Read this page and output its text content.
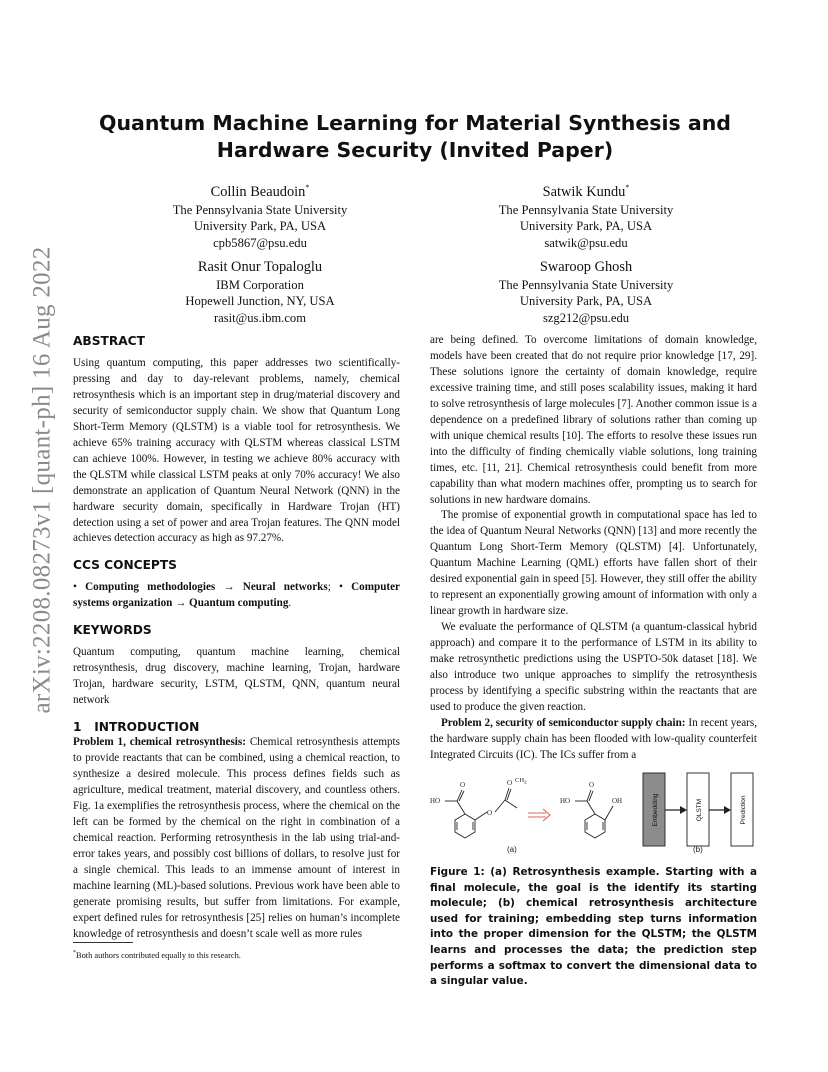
arXiv:2208.08273v1 [quant-ph] 16 Aug 2022
Quantum Machine Learning for Material Synthesis and
Hardware Security (Invited Paper)
Collin Beaudoin*
The Pennsylvania State University
University Park, PA, USA
cpb5867@psu.edu
Satwik Kundu*
The Pennsylvania State University
University Park, PA, USA
satwik@psu.edu
Rasit Onur Topaloglu
IBM Corporation
Hopewell Junction, NY, USA
rasit@us.ibm.com
Swaroop Ghosh
The Pennsylvania State University
University Park, PA, USA
szg212@psu.edu
ABSTRACT

Using quantum computing, this paper addresses two scientifically-pressing and day to day-relevant problems, namely, chemical retrosynthesis which is an important step in drug/material discovery and security of semiconductor supply chain. We show that Quantum Long Short-Term Memory (QLSTM) is a viable tool for retrosynthesis. We achieve 65% training accuracy with QLSTM whereas classical LSTM can achieve 100%. However, in testing we achieve 80% accuracy with the QLSTM while classical LSTM peaks at only 70% accuracy! We also demonstrate an application of Quantum Neural Network (QNN) in the hardware security domain, specifically in Hardware Trojan (HT) detection using a set of power and area Trojan features. The QNN model achieves detection accuracy as high as 97.27%.

CCS CONCEPTS

• Computing methodologies → Neural networks; • Computer systems organization → Quantum computing.

KEYWORDS

Quantum computing, quantum machine learning, chemical retrosynthesis, drug discovery, machine learning, Trojan, hardware Trojan, hardware security, LSTM, QLSTM, QNN, quantum neural network

1   INTRODUCTION

Problem 1, chemical retrosynthesis: Chemical retrosynthesis attempts to provide reactants that can be combined, using a chemical reaction, to synthesize a desired molecule. This process defines fields such as agriculture, medical treatment, material discovery, and countless others. Fig. 1a exemplifies the retrosynthesis process, where the chemical on the left can be formed by the chemical on the right in combination of a chemical reaction. Performing retrosynthesis in the lab using trial-and-error takes years, and possibly cost billions of dollars, to resolve just for a single chemical. This leads to an immense amount of interest in machine learning (ML)-based solutions. Previous work have been able to generate promising results, but suffer from limitations. For example, expert defined rules for retrosynthesis [25] relies on human’s incomplete knowledge of retrosynthesis and doesn’t scale well as more rules

*Both authors contributed equally to this research.

are being defined. To overcome limitations of domain knowledge, models have been created that do not require prior knowledge [17, 29]. These solutions ignore the certainty of domain knowledge, require excessive training time, and still poses scalability issues, making it hard to solve retrosynthesis of large molecules [7]. Another common issue is a dependence on a predefined library of solutions rather than coming up with unique chemical results [10]. The efforts to resolve these issues run into the difficulty of finding chemically viable solutions, long training times, etc. [11, 21]. Chemical retrosynthesis could benefit from more capability than what modern machines offer, prompting us to search for solutions in new hardware domains.

The promise of exponential growth in computational space has led to the idea of Quantum Neural Networks (QNN) [13] and more recently the Quantum Long Short-Term Memory (QLSTM) [4]. Unfortunately, Quantum Machine Learning (QML) efforts have fallen short of their desired exponential gain in speed [5]. However, they still offer the ability to represent an exponentially growing amount of information with only a linear growth in hardware size.

We evaluate the performance of QLSTM (a quantum-classical hybrid approach) and compare it to the performance of LSTM in its ability to make retrosynthetic predictions using the USPTO-50k dataset [18]. We also introduce two unique approaches to simplify the retrosynthesis process by identifying a specific substring within the reactants that are used to produce the given reaction.

Problem 2, security of semiconductor supply chain: In recent years, the hardware supply chain has been flooded with low-quality counterfeit Integrated Circuits (IC). The ICs suffer from a

O
HO
O
O $CH_3$	O
HO	OH
(a)
Embedding	QLSTM	Prediction
(b)

Figure 1: (a) Retrosynthesis example. Starting with a final molecule, the goal is the identify its starting molecule; (b) chemical retrosynthesis architecture used for training; embedding step turns information into the proper dimension for the QLSTM; the QLSTM learns and processes the data; the prediction step performs a softmax to convert the dimensional data to a singular value.
